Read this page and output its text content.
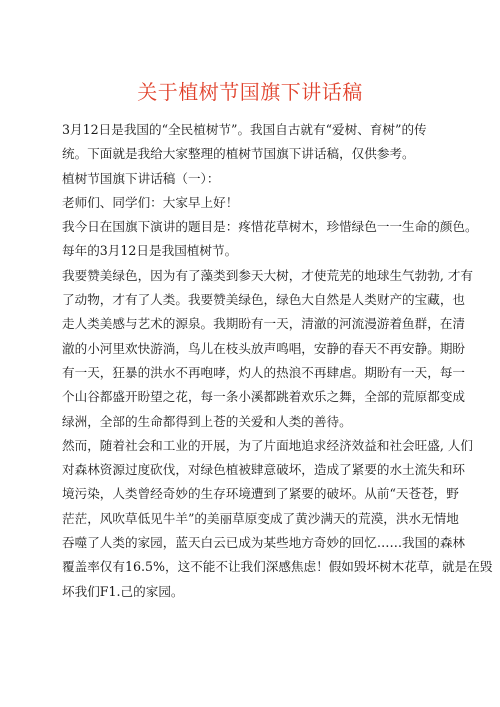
关于植树节国旗下讲话稿
3月12日是我国的“全民植树节”。我国自古就有“爱树、育树”的传
统。下面就是我给大家整理的植树节国旗下讲话稿，仅供参考。
植树节国旗下讲话稿（一）：
老师们、同学们：大家早上好！
我今日在国旗下演讲的题目是：疼惜花草树木，珍惜绿色一一生命的颜色。
每年的3月12日是我国植树节。
我要赞美绿色，因为有了藻类到参天大树，才使荒芜的地球生气勃勃, 才有
了动物，才有了人类。我要赞美绿色，绿色大自然是人类财产的宝藏，也
走人类美感与艺术的源泉。我期盼有一天，清澈的河流漫游着鱼群，在清
澈的小河里欢快游淌，鸟儿在枝头放声鸣唱，安静的春天不再安静。期盼
有一天，狂暴的洪水不再咆哮，灼人的热浪不再肆虐。期盼有一天，每一
个山谷都盛开盼望之花，每一条小溪都跳着欢乐之舞，全部的荒原都变成
绿洲，全部的生命都得到上苍的关爱和人类的善待。
然而，随着社会和工业的开展，为了片面地追求经济效益和社会旺盛, 人们
对森林资源过度砍伐，对绿色植被肆意破坏，造成了紧要的水土流失和环
境污染，人类曾经奇妙的生存环境遭到了紧要的破坏。从前“天苍苍，野
茫茫，风吹草低见牛羊”的美丽草原变成了黄沙满天的荒漠，洪水无情地
吞噬了人类的家园，蓝天白云已成为某些地方奇妙的回忆……我国的森林
覆盖率仅有16.5%，这不能不让我们深感焦虑！假如毁坏树木花草，就是在毁
坏我们F1.己的家园。
